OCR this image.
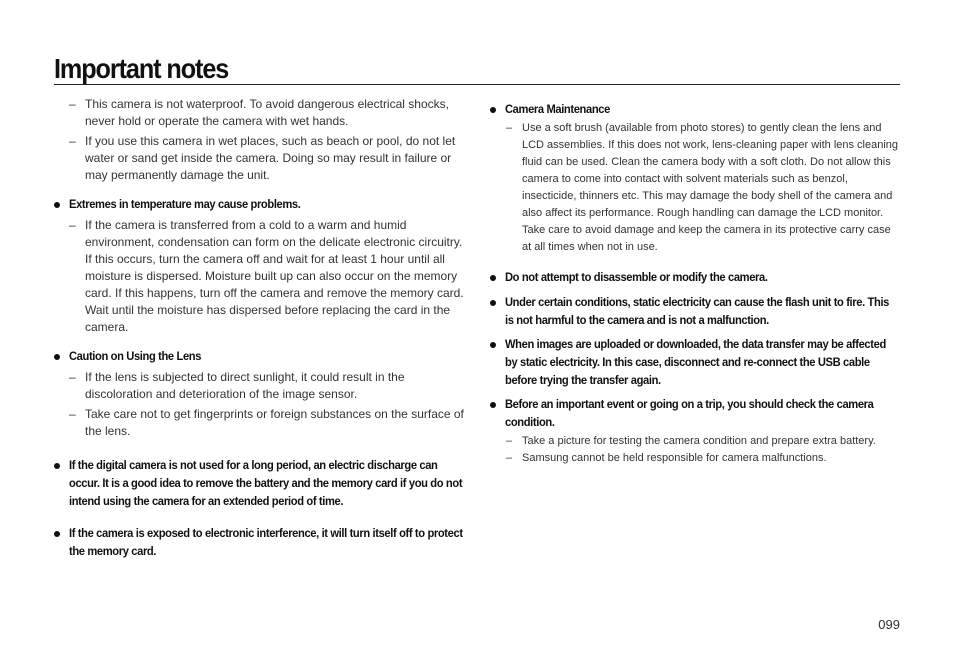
Important notes
– This camera is not waterproof. To avoid dangerous electrical shocks, never hold or operate the camera with wet hands.
– If you use this camera in wet places, such as beach or pool, do not let water or sand get inside the camera. Doing so may result in failure or may permanently damage the unit.
Extremes in temperature may cause problems.
– If the camera is transferred from a cold to a warm and humid environment, condensation can form on the delicate electronic circuitry. If this occurs, turn the camera off and wait for at least 1 hour until all moisture is dispersed. Moisture built up can also occur on the memory card. If this happens, turn off the camera and remove the memory card. Wait until the moisture has dispersed before replacing the card in the camera.
Caution on Using the Lens
– If the lens is subjected to direct sunlight, it could result in the discoloration and deterioration of the image sensor.
– Take care not to get fingerprints or foreign substances on the surface of the lens.
If the digital camera is not used for a long period, an electric discharge can occur. It is a good idea to remove the battery and the memory card if you do not intend using the camera for an extended period of time.
If the camera is exposed to electronic interference, it will turn itself off to protect the memory card.
Camera Maintenance
– Use a soft brush (available from photo stores) to gently clean the lens and LCD assemblies. If this does not work, lens-cleaning paper with lens cleaning fluid can be used. Clean the camera body with a soft cloth. Do not allow this camera to come into contact with solvent materials such as benzol, insecticide, thinners etc. This may damage the body shell of the camera and also affect its performance. Rough handling can damage the LCD monitor. Take care to avoid damage and keep the camera in its protective carry case at all times when not in use.
Do not attempt to disassemble or modify the camera.
Under certain conditions, static electricity can cause the flash unit to fire. This is not harmful to the camera and is not a malfunction.
When images are uploaded or downloaded, the data transfer may be affected by static electricity. In this case, disconnect and re-connect the USB cable before trying the transfer again.
Before an important event or going on a trip, you should check the camera condition.
– Take a picture for testing the camera condition and prepare extra battery.
– Samsung cannot be held responsible for camera malfunctions.
099
